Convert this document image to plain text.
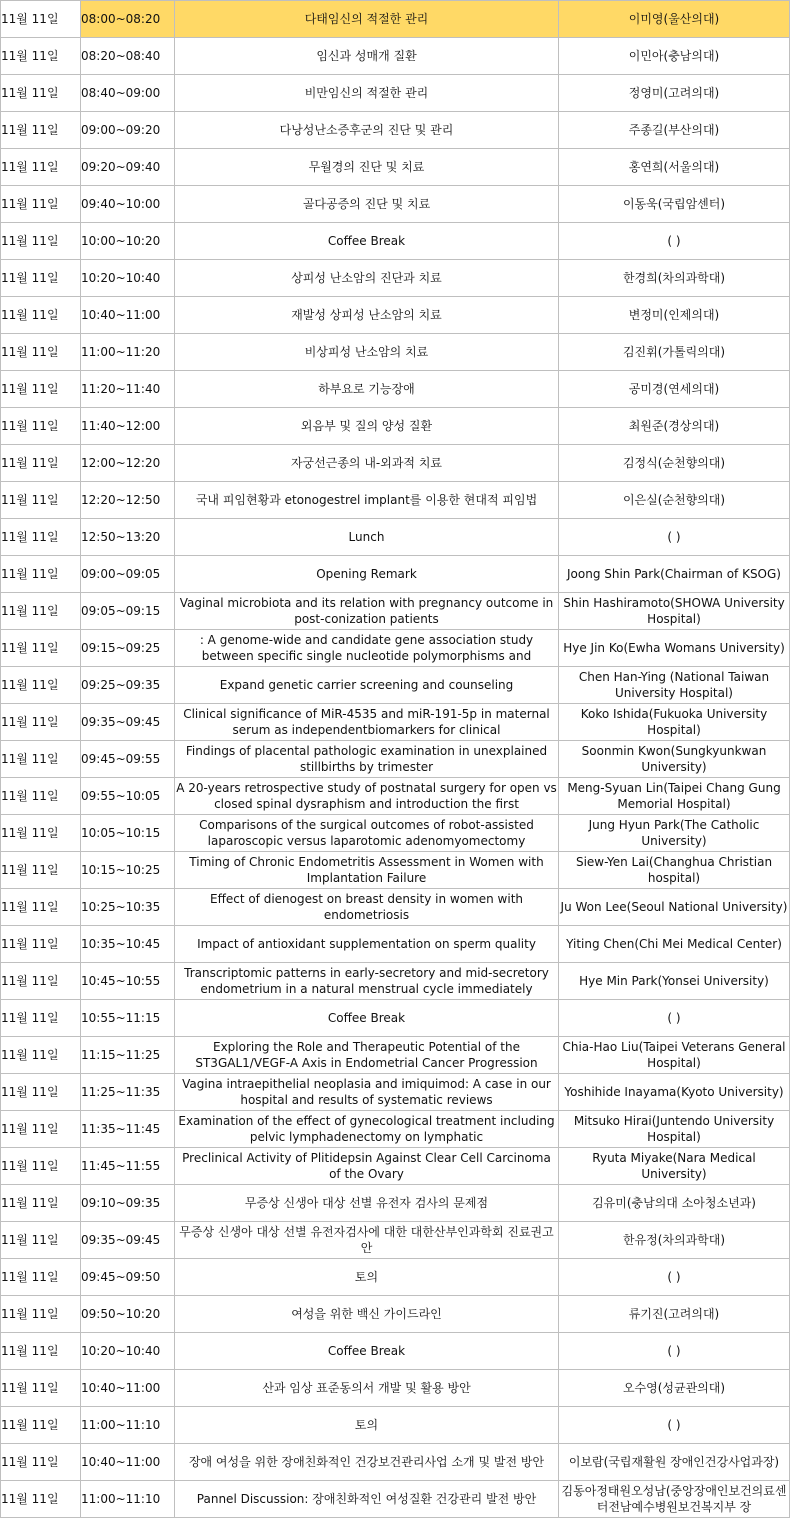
11월 11일	08:00~08:20	다태임신의 적절한 관리	이미영(울산의대)

11월 11일	08:20~08:40	임신과 성매개 질환	이민아(충남의대)

11월 11일	08:40~09:00	비만임신의 적절한 관리	정영미(고려의대)

11월 11일	09:00~09:20	다낭성난소증후군의 진단 및 관리	주종길(부산의대)

11월 11일	09:20~09:40	무월경의 진단 및 치료	홍연희(서울의대)

11월 11일	09:40~10:00	골다공증의 진단 및 치료	이동욱(국립암센터)

11월 11일	10:00~10:20	Coffee Break	( )

11월 11일	10:20~10:40	상피성 난소암의 진단과 치료	한경희(차의과학대)

11월 11일	10:40~11:00	재발성 상피성 난소암의 치료	변정미(인제의대)

11월 11일	11:00~11:20	비상피성 난소암의 치료	김진휘(가톨릭의대)

11월 11일	11:20~11:40	하부요로 기능장애	공미경(연세의대)

11월 11일	11:40~12:00	외음부 및 질의 양성 질환	최원준(경상의대)

11월 11일	12:00~12:20	자궁선근종의 내-외과적 치료	김정식(순천향의대)

11월 11일	12:20~12:50	국내 피임현황과 etonogestrel implant를 이용한 현대적 피임법	이은실(순천향의대)

11월 11일	12:50~13:20	Lunch	( )

11월 11일	09:00~09:05	Opening Remark	Joong Shin Park(Chairman of KSOG)

11월 11일	09:05~09:15	Vaginal microbiota and its relation with pregnancy outcome in post-conization patients	Shin Hashiramoto(SHOWA University Hospital)

11월 11일	09:15~09:25	: A genome-wide and candidate gene association study between specific single nucleotide polymorphisms and	Hye Jin Ko(Ewha Womans University)

11월 11일	09:25~09:35	Expand genetic carrier screening and counseling	Chen Han-Ying (National Taiwan University Hospital)

11월 11일	09:35~09:45	Clinical significance of MiR-4535 and miR-191-5p in maternal serum as independentbiomarkers for clinical	Koko Ishida(Fukuoka University Hospital)

11월 11일	09:45~09:55	Findings of placental pathologic examination in unexplained stillbirths by trimester	Soonmin Kwon(Sungkyunkwan University)

11월 11일	09:55~10:05	A 20-years retrospective study of postnatal surgery for open vs closed spinal dysraphism and introduction the first	Meng-Syuan Lin(Taipei Chang Gung Memorial Hospital)

11월 11일	10:05~10:15	Comparisons of the surgical outcomes of robot-assisted laparoscopic versus laparotomic adenomyomectomy	Jung Hyun Park(The Catholic University)

11월 11일	10:15~10:25	Timing of Chronic Endometritis Assessment in Women with Implantation Failure	Siew-Yen Lai(Changhua Christian hospital)

11월 11일	10:25~10:35	Effect of dienogest on breast density in women with endometriosis	Ju Won Lee(Seoul National University)

11월 11일	10:35~10:45	Impact of antioxidant supplementation on sperm quality	Yiting Chen(Chi Mei Medical Center)

11월 11일	10:45~10:55	Transcriptomic patterns in early-secretory and mid-secretory endometrium in a natural menstrual cycle immediately	Hye Min Park(Yonsei University)

11월 11일	10:55~11:15	Coffee Break	( )

11월 11일	11:15~11:25	Exploring the Role and Therapeutic Potential of the ST3GAL1/VEGF-A Axis in Endometrial Cancer Progression	Chia-Hao Liu(Taipei Veterans General Hospital)

11월 11일	11:25~11:35	Vagina intraepithelial neoplasia and imiquimod: A case in our hospital and results of systematic reviews	Yoshihide Inayama(Kyoto University)

11월 11일	11:35~11:45	Examination of the effect of gynecological treatment including pelvic lymphadenectomy on lymphatic	Mitsuko Hirai(Juntendo University Hospital)

11월 11일	11:45~11:55	Preclinical Activity of Plitidepsin Against Clear Cell Carcinoma of the Ovary	Ryuta Miyake(Nara Medical University)

11월 11일	09:10~09:35	무증상 신생아 대상 선별 유전자 검사의 문제점	김유미(충남의대 소아청소년과)

11월 11일	09:35~09:45	무증상 신생아 대상 선별 유전자검사에 대한 대한산부인과학회 진료권고안	한유정(차의과학대)

11월 11일	09:45~09:50	토의	( )

11월 11일	09:50~10:20	여성을 위한 백신 가이드라인	류기진(고려의대)

11월 11일	10:20~10:40	Coffee Break	( )

11월 11일	10:40~11:00	산과 임상 표준동의서 개발 및 활용 방안	오수영(성균관의대)

11월 11일	11:00~11:10	토의	( )

11월 11일	10:40~11:00	장애 여성을 위한 장애친화적인 건강보건관리사업 소개 및 발전 방안	이보람(국립재활원 장애인건강사업과장)

11월 11일	11:00~11:10	Pannel Discussion: 장애친화적인 여성질환 건강관리 발전 방안	김동아정태원오성남(중앙장애인보건의료센터전남예수병원보건복지부 장
